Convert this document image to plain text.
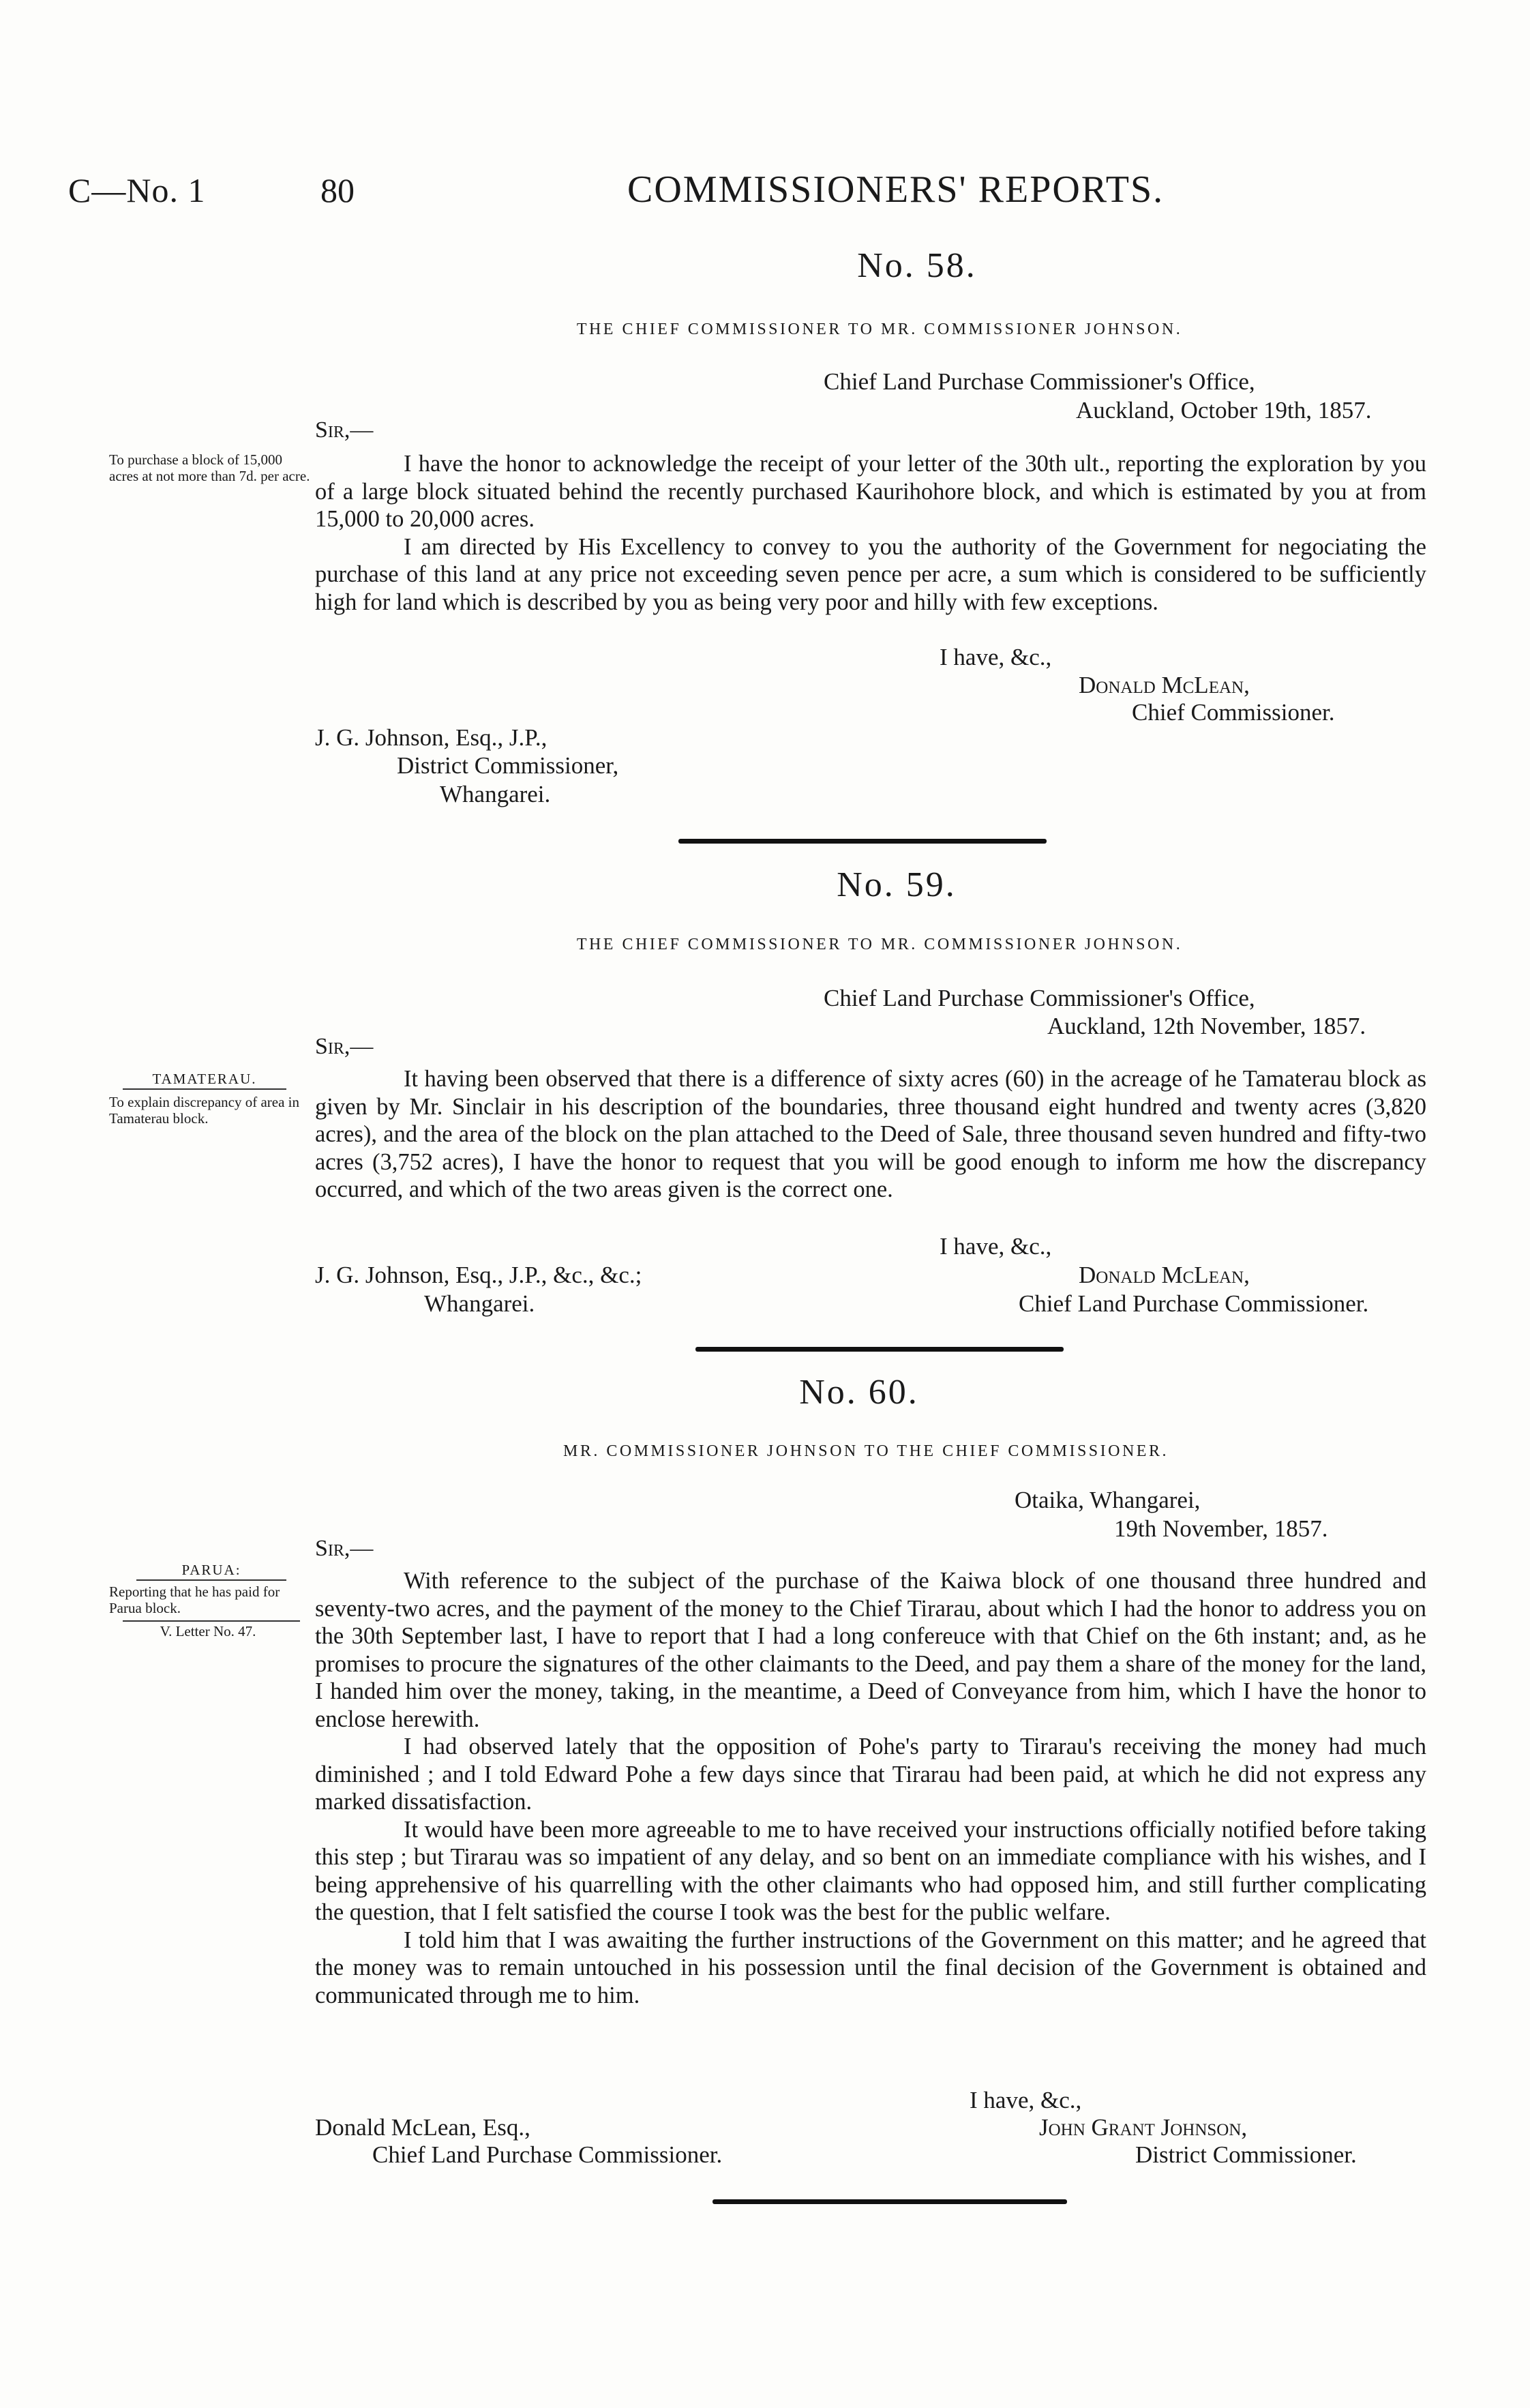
C—No. 1	80	COMMISSIONERS' REPORTS.
No. 58.
THE CHIEF COMMISSIONER TO MR. COMMISSIONER JOHNSON.
Chief Land Purchase Commissioner's Office,
Auckland, October 19th, 1857.
Sir,—
To purchase a block of 15,000 acres at not more than 7d. per acre.	I have the honor to acknowledge the receipt of your letter of the 30th ult., reporting the exploration by you of a large block situated behind the recently purchased Kaurihohore block, and which is estimated by you at from 15,000 to 20,000 acres.

I am directed by His Excellency to convey to you the authority of the Government for negociating the purchase of this land at any price not exceeding seven pence per acre, a sum which is considered to be sufficiently high for land which is described by you as being very poor and hilly with few exceptions.

I have, &c.,
Donald McLean,
Chief Commissioner.
J. G. Johnson, Esq., J.P.,
District Commissioner,
Whangarei.
No. 59.
THE CHIEF COMMISSIONER TO MR. COMMISSIONER JOHNSON.
Chief Land Purchase Commissioner's Office,
Auckland, 12th November, 1857.
Sir,—
TAMATERAU.
To explain discrepancy of area in Tamaterau block.

It having been observed that there is a difference of sixty acres (60) in the acreage of he Tamaterau block as given by Mr. Sinclair in his description of the boundaries, three thousand eight hundred and twenty acres (3,820 acres), and the area of the block on the plan attached to the Deed of Sale, three thousand seven hundred and fifty-two acres (3,752 acres), I have the honor to request that you will be good enough to inform me how the discrepancy occurred, and which of the two areas given is the correct one.

I have, &c.,
Donald McLean,
Chief Land Purchase Commissioner.
J. G. Johnson, Esq., J.P., &c., &c.;
Whangarei.
No. 60.
MR. COMMISSIONER JOHNSON TO THE CHIEF COMMISSIONER.
Otaika, Whangarei,
19th November, 1857.
Sir,—
PARUA:
Reporting that he has paid for Parua block.
V. Letter No. 47.

With reference to the subject of the purchase of the Kaiwa block of one thousand three hundred and seventy-two acres, and the payment of the money to the Chief Tirarau, about which I had the honor to address you on the 30th September last, I have to report that I had a long confereuce with that Chief on the 6th instant; and, as he promises to procure the signatures of the other claimants to the Deed, and pay them a share of the money for the land, I handed him over the money, taking, in the meantime, a Deed of Conveyance from him, which I have the honor to enclose herewith.

I had observed lately that the opposition of Pohe's party to Tirarau's receiving the money had much diminished ; and I told Edward Pohe a few days since that Tirarau had been paid, at which he did not express any marked dissatisfaction.

It would have been more agreeable to me to have received your instructions officially notified before taking this step ; but Tirarau was so impatient of any delay, and so bent on an immediate compliance with his wishes, and I being apprehensive of his quarrelling with the other claimants who had opposed him, and still further complicating the question, that I felt satisfied the course I took was the best for the public welfare.

I told him that I was awaiting the further instructions of the Government on this matter; and he agreed that the money was to remain untouched in his possession until the final decision of the Government is obtained and communicated through me to him.

I have, &c.,
John Grant Johnson,
District Commissioner.
Donald McLean, Esq.,
Chief Land Purchase Commissioner.
